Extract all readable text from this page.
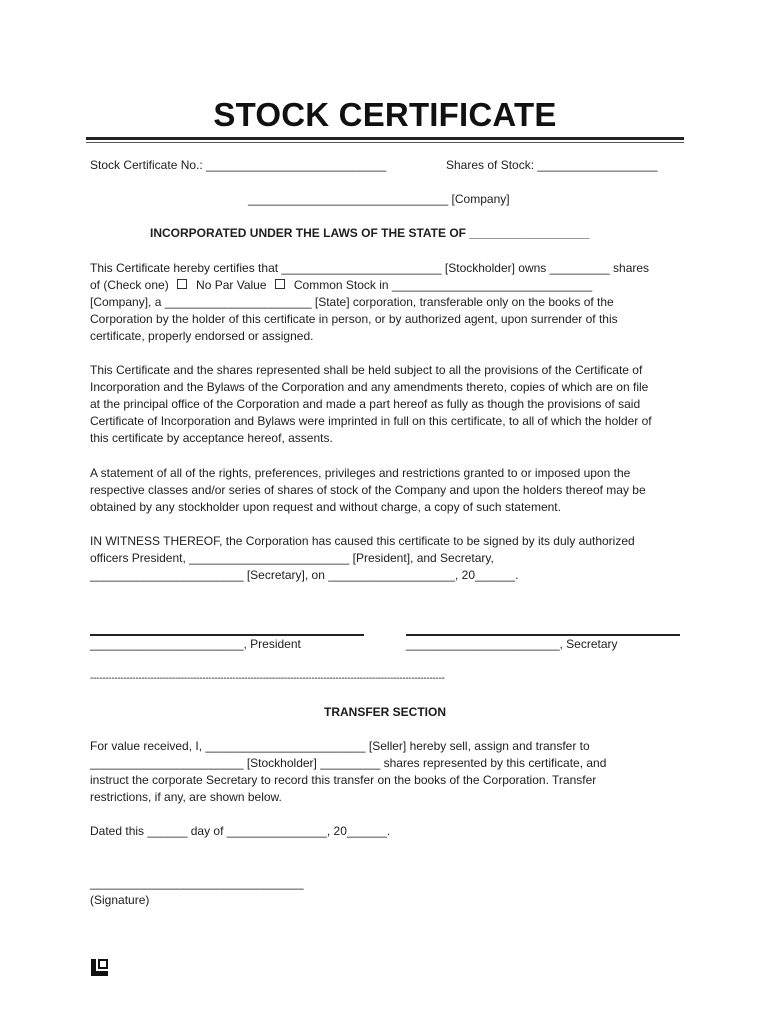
STOCK CERTIFICATE
Stock Certificate No.: ___________________________	Shares of Stock: __________________
______________________________ [Company]
INCORPORATED UNDER THE LAWS OF THE STATE OF __________________
This Certificate hereby certifies that ________________________ [Stockholder] owns _________ shares
of (Check one) No Par Value Common Stock in ______________________________
[Company], a ______________________ [State] corporation, transferable only on the books of the
Corporation by the holder of this certificate in person, or by authorized agent, upon surrender of this
certificate, properly endorsed or assigned.
This Certificate and the shares represented shall be held subject to all the provisions of the Certificate of
Incorporation and the Bylaws of the Corporation and any amendments thereto, copies of which are on file
at the principal office of the Corporation and made a part hereof as fully as though the provisions of said
Certificate of Incorporation and Bylaws were imprinted in full on this certificate, to all of which the holder of
this certificate by acceptance hereof, assents.
A statement of all of the rights, preferences, privileges and restrictions granted to or imposed upon the
respective classes and/or series of shares of stock of the Company and upon the holders thereof may be
obtained by any stockholder upon request and without charge, a copy of such statement.
IN WITNESS THEREOF, the Corporation has caused this certificate to be signed by its duly authorized
officers President, ________________________ [President], and Secretary,
_______________________ [Secretary], on ___________________, 20______.
_______________________, President	_______________________, Secretary
---------------------------------------------------------------------------------------------------------------------
TRANSFER SECTION
For value received, I, ________________________ [Seller] hereby sell, assign and transfer to
_______________________ [Stockholder] _________ shares represented by this certificate, and
instruct the corporate Secretary to record this transfer on the books of the Corporation. Transfer
restrictions, if any, are shown below.
Dated this ______ day of _______________, 20______.
________________________________
(Signature)
